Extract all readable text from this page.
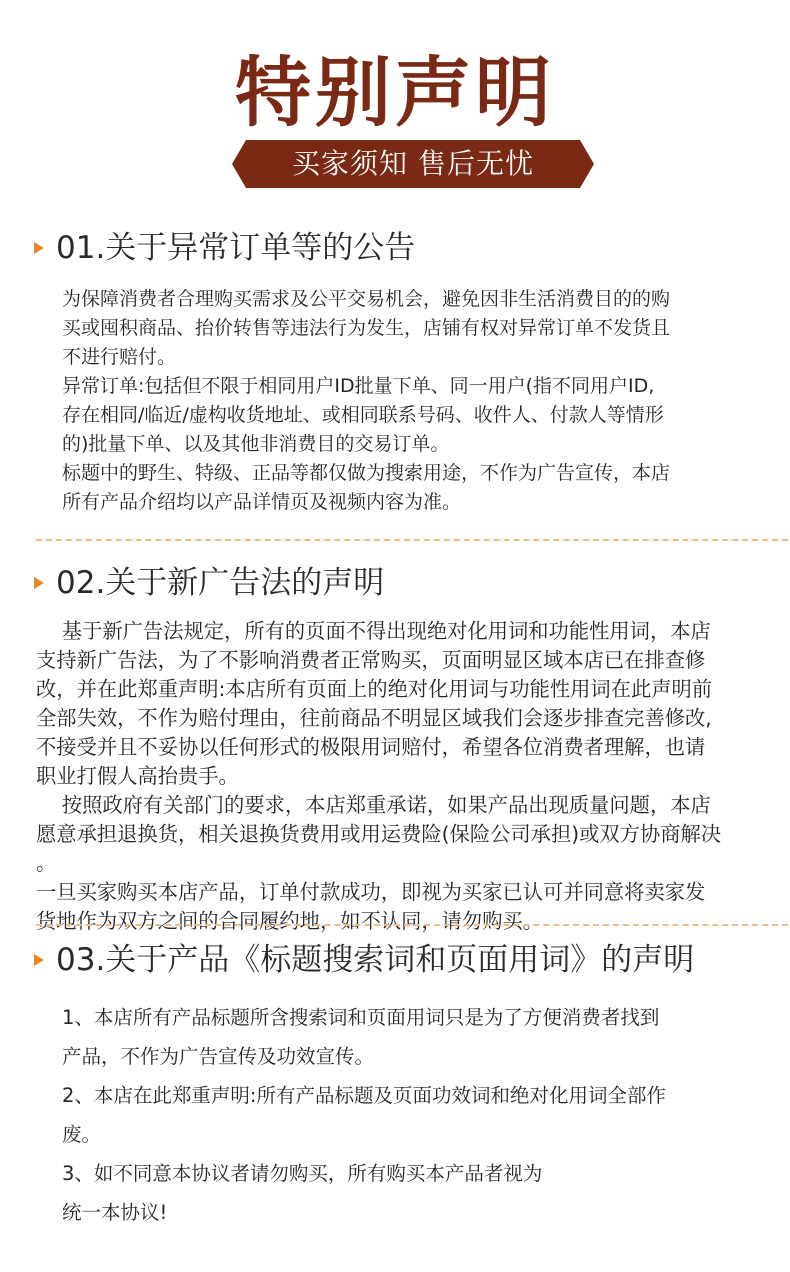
特别声明
买家须知 售后无忧
01.关于异常订单等的公告
为保障消费者合理购买需求及公平交易机会，避免因非生活消费目的的购
买或囤积商品、抬价转售等违法行为发生，店铺有权对异常订单不发货且
不进行赔付。
异常订单:包括但不限于相同用户ID批量下单、同一用户(指不同用户ID,
存在相同/临近/虚构收货地址、或相同联系号码、收件人、付款人等情形
的)批量下单、以及其他非消费目的交易订单。
标题中的野生、特级、正品等都仅做为搜索用途，不作为广告宣传，本店
所有产品介绍均以产品详情页及视频内容为准。
02.关于新广告法的声明
基于新广告法规定，所有的页面不得出现绝对化用词和功能性用词，本店
支持新广告法，为了不影响消费者正常购买，页面明显区域本店已在排查修
改，并在此郑重声明:本店所有页面上的绝对化用词与功能性用词在此声明前
全部失效，不作为赔付理由，往前商品不明显区域我们会逐步排查完善修改,
不接受并且不妥协以任何形式的极限用词赔付，希望各位消费者理解，也请
职业打假人高抬贵手。
按照政府有关部门的要求，本店郑重承诺，如果产品出现质量问题，本店
愿意承担退换货，相关退换货费用或用运费险(保险公司承担)或双方协商解决
。
一旦买家购买本店产品，订单付款成功，即视为买家已认可并同意将卖家发
货地作为双方之间的合同履约地，如不认同，请勿购买。
03.关于产品《标题搜索词和页面用词》的声明
1、本店所有产品标题所含搜索词和页面用词只是为了方便消费者找到
产品，不作为广告宣传及功效宣传。
2、本店在此郑重声明:所有产品标题及页面功效词和绝对化用词全部作
废。
3、如不同意本协议者请勿购买，所有购买本产品者视为
统一本协议!
